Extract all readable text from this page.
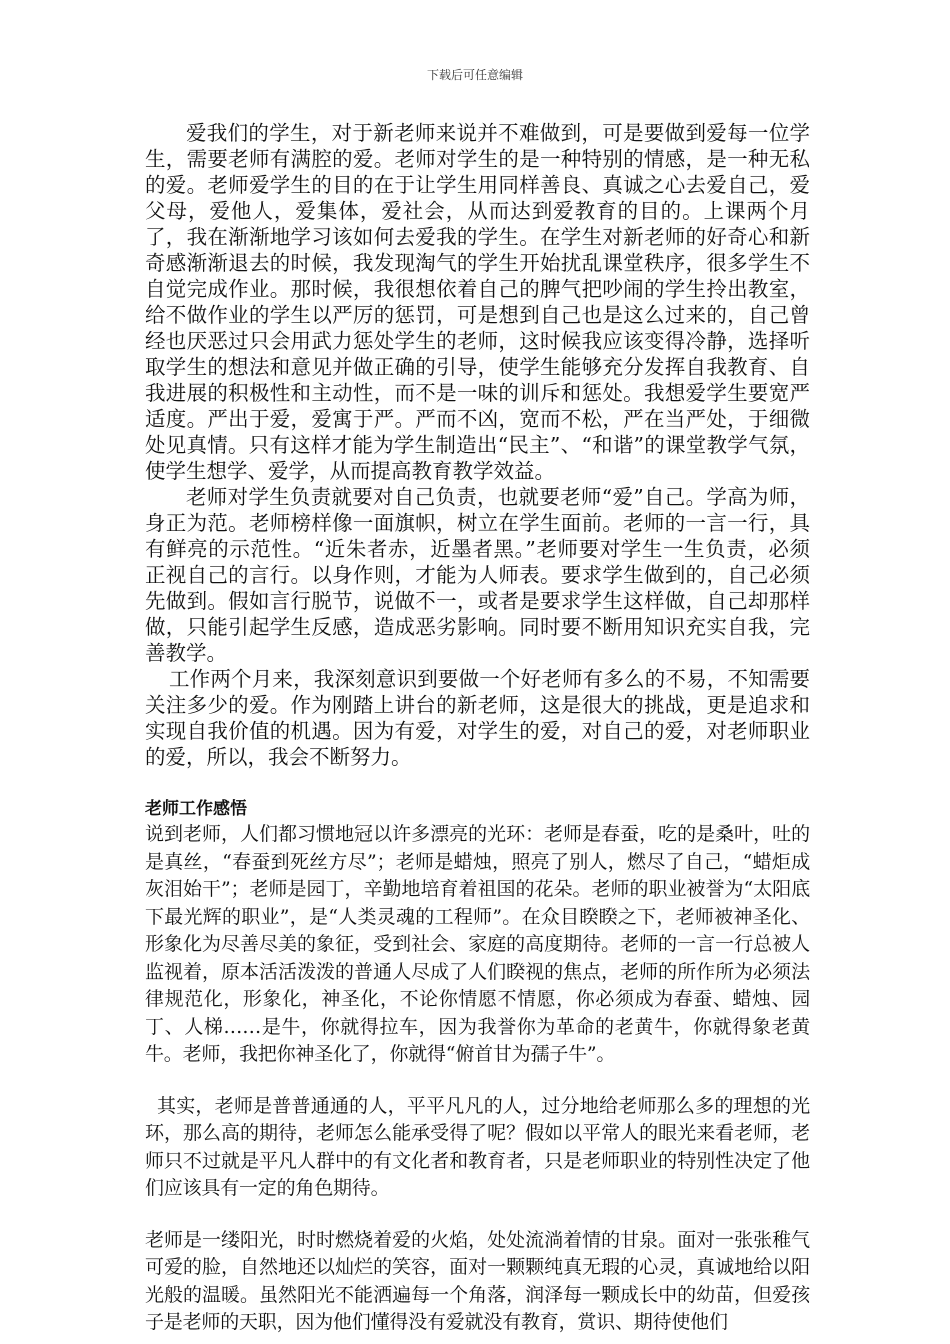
下载后可任意编辑

爱我们的学生，对于新老师来说并不难做到，可是要做到爱每一位学生，需要老师有满腔的爱。老师对学生的是一种特别的情感，是一种无私的爱。老师爱学生的目的在于让学生用同样善良、真诚之心去爱自己，爱父母，爱他人，爱集体，爱社会，从而达到爱教育的目的。上课两个月了，我在渐渐地学习该如何去爱我的学生。在学生对新老师的好奇心和新奇感渐渐退去的时候，我发现淘气的学生开始扰乱课堂秩序，很多学生不自觉完成作业。那时候，我很想依着自己的脾气把吵闹的学生拎出教室，给不做作业的学生以严厉的惩罚，可是想到自己也是这么过来的，自己曾经也厌恶过只会用武力惩处学生的老师，这时候我应该变得冷静，选择听取学生的想法和意见并做正确的引导，使学生能够充分发挥自我教育、自我进展的积极性和主动性，而不是一味的训斥和惩处。我想爱学生要宽严适度。严出于爱，爱寓于严。严而不凶，宽而不松，严在当严处，于细微处见真情。只有这样才能为学生制造出“民主”、“和谐”的课堂教学气氛，使学生想学、爱学，从而提高教育教学效益。

老师对学生负责就要对自己负责，也就要老师“爱”自己。学高为师，身正为范。老师榜样像一面旗帜，树立在学生面前。老师的一言一行，具有鲜亮的示范性。“近朱者赤，近墨者黑。”老师要对学生一生负责，必须正视自己的言行。以身作则，才能为人师表。要求学生做到的，自己必须先做到。假如言行脱节，说做不一，或者是要求学生这样做，自己却那样做，只能引起学生反感，造成恶劣影响。同时要不断用知识充实自我，完善教学。

工作两个月来，我深刻意识到要做一个好老师有多么的不易，不知需要关注多少的爱。作为刚踏上讲台的新老师，这是很大的挑战，更是追求和实现自我价值的机遇。因为有爱，对学生的爱，对自己的爱，对老师职业的爱，所以，我会不断努力。

老师工作感悟

说到老师，人们都习惯地冠以许多漂亮的光环：老师是春蚕，吃的是桑叶，吐的是真丝，“春蚕到死丝方尽”；老师是蜡烛，照亮了别人，燃尽了自己，“蜡炬成灰泪始干”；老师是园丁，辛勤地培育着祖国的花朵。老师的职业被誉为“太阳底下最光辉的职业”，是“人类灵魂的工程师”。在众目睽睽之下，老师被神圣化、形象化为尽善尽美的象征，受到社会、家庭的高度期待。老师的一言一行总被人监视着，原本活活泼泼的普通人尽成了人们睽视的焦点，老师的所作所为必须法律规范化，形象化，神圣化，不论你情愿不情愿，你必须成为春蚕、蜡烛、园丁、人梯……是牛，你就得拉车，因为我誉你为革命的老黄牛，你就得象老黄牛。老师，我把你神圣化了，你就得“俯首甘为孺子牛”。

其实，老师是普普通通的人，平平凡凡的人，过分地给老师那么多的理想的光环，那么高的期待，老师怎么能承受得了呢？假如以平常人的眼光来看老师，老师只不过就是平凡人群中的有文化者和教育者，只是老师职业的特别性决定了他们应该具有一定的角色期待。

老师是一缕阳光，时时燃烧着爱的火焰，处处流淌着情的甘泉。面对一张张稚气可爱的脸，自然地还以灿烂的笑容，面对一颗颗纯真无瑕的心灵，真诚地给以阳光般的温暖。虽然阳光不能洒遍每一个角落，润泽每一颗成长中的幼苗，但爱孩子是老师的天职，因为他们懂得没有爱就没有教育，赏识、期待使他们
